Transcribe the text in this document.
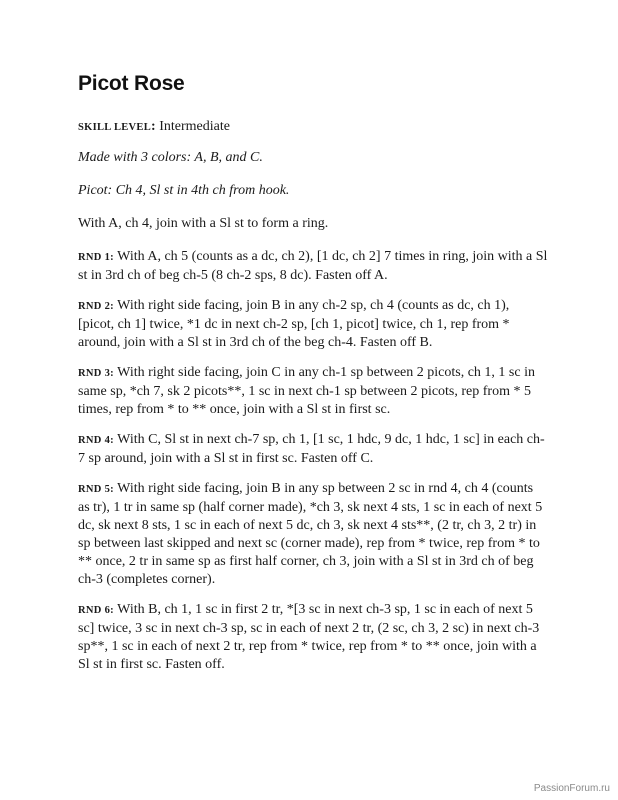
Picot Rose

SKILL LEVEL: Intermediate

Made with 3 colors: A, B, and C.

Picot: Ch 4, Sl st in 4th ch from hook.

With A, ch 4, join with a Sl st to form a ring.

RND 1: With A, ch 5 (counts as a dc, ch 2), [1 dc, ch 2] 7 times in ring, join with a Sl st in 3rd ch of beg ch-5 (8 ch-2 sps, 8 dc). Fasten off A.

RND 2: With right side facing, join B in any ch-2 sp, ch 4 (counts as dc, ch 1), [picot, ch 1] twice, *1 dc in next ch-2 sp, [ch 1, picot] twice, ch 1, rep from * around, join with a Sl st in 3rd ch of the beg ch-4. Fasten off B.

RND 3: With right side facing, join C in any ch-1 sp between 2 picots, ch 1, 1 sc in same sp, *ch 7, sk 2 picots**, 1 sc in next ch-1 sp between 2 picots, rep from * 5 times, rep from * to ** once, join with a Sl st in first sc.

RND 4: With C, Sl st in next ch-7 sp, ch 1, [1 sc, 1 hdc, 9 dc, 1 hdc, 1 sc] in each ch-7 sp around, join with a Sl st in first sc. Fasten off C.

RND 5: With right side facing, join B in any sp between 2 sc in rnd 4, ch 4 (counts as tr), 1 tr in same sp (half corner made), *ch 3, sk next 4 sts, 1 sc in each of next 5 dc, sk next 8 sts, 1 sc in each of next 5 dc, ch 3, sk next 4 sts**, (2 tr, ch 3, 2 tr) in sp between last skipped and next sc (corner made), rep from * twice, rep from * to ** once, 2 tr in same sp as first half corner, ch 3, join with a Sl st in 3rd ch of beg ch-3 (completes corner).

RND 6: With B, ch 1, 1 sc in first 2 tr, *[3 sc in next ch-3 sp, 1 sc in each of next 5 sc] twice, 3 sc in next ch-3 sp, sc in each of next 2 tr, (2 sc, ch 3, 2 sc) in next ch-3 sp**, 1 sc in each of next 2 tr, rep from * twice, rep from * to ** once, join with a Sl st in first sc. Fasten off.

PassionForum.ru
